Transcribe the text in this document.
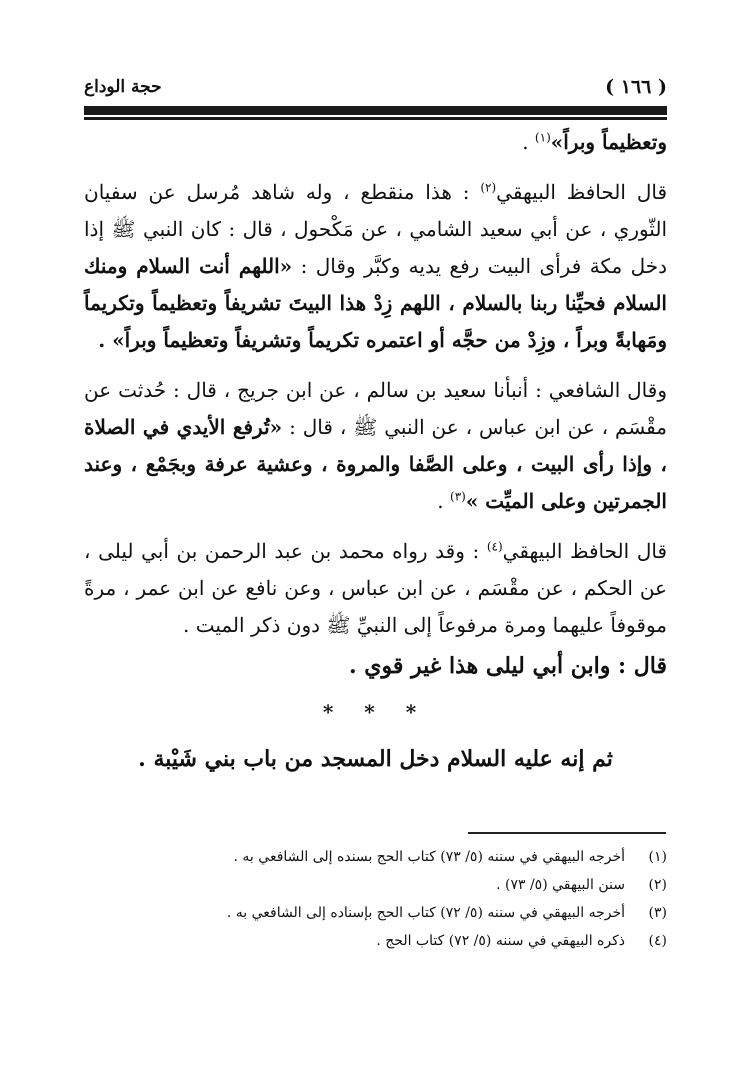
( ١٦٦ )
حجة الوداع

وتعظيماً وبراً»$^{(١)}$ .

قال الحافظ البيهقي$^{(٢)}$ : هذا منقطع ، وله شاهد مُرسل عن سفيان الثّوري ، عن أبي سعيد الشامي ، عن مَكْحول ، قال : كان النبي ﷺ إذا دخل مكة فرأى البيت رفع يديه وكبَّر وقال : «اللهم أنت السلام ومنك السلام فحيِّنا ربنا بالسلام ، اللهم زِدْ هذا البيتَ تشريفاً وتعظيماً وتكريماً ومَهابةً وبراً ، وزِدْ من حجَّه أو اعتمره تكريماً وتشريفاً وتعظيماً وبراً» .

وقال الشافعي : أنبأنا سعيد بن سالم ، عن ابن جريج ، قال : حُدثت عن مقْسَم ، عن ابن عباس ، عن النبي ﷺ ، قال : «تُرفع الأيدي في الصلاة ، وإذا رأى البيت ، وعلى الصَّفا والمروة ، وعشية عرفة وبجَمْع ، وعند الجمرتين وعلى الميِّت »$^{(٣)}$ .

قال الحافظ البيهقي$^{(٤)}$ : وقد رواه محمد بن عبد الرحمن بن أبي ليلى ، عن الحكم ، عن مقْسَم ، عن ابن عباس ، وعن نافع عن ابن عمر ، مرةً موقوفاً عليهما ومرة مرفوعاً إلى النبيِّ ﷺ دون ذكر الميت .

قال : وابن أبي ليلى هذا غير قوي .

* * *

ثم إنه عليه السلام دخل المسجد من باب بني شَيْبة .

(١)
أخرجه البيهقي في سننه (٥/ ٧٣) كتاب الحج بسنده إلى الشافعي به .
(٢)
سنن البيهقي (٥/ ٧٣) .
(٣)
أخرجه البيهقي في سننه (٥/ ٧٢) كتاب الحج بإسناده إلى الشافعي به .
(٤)
ذكره البيهقي في سننه (٥/ ٧٢) كتاب الحج .
